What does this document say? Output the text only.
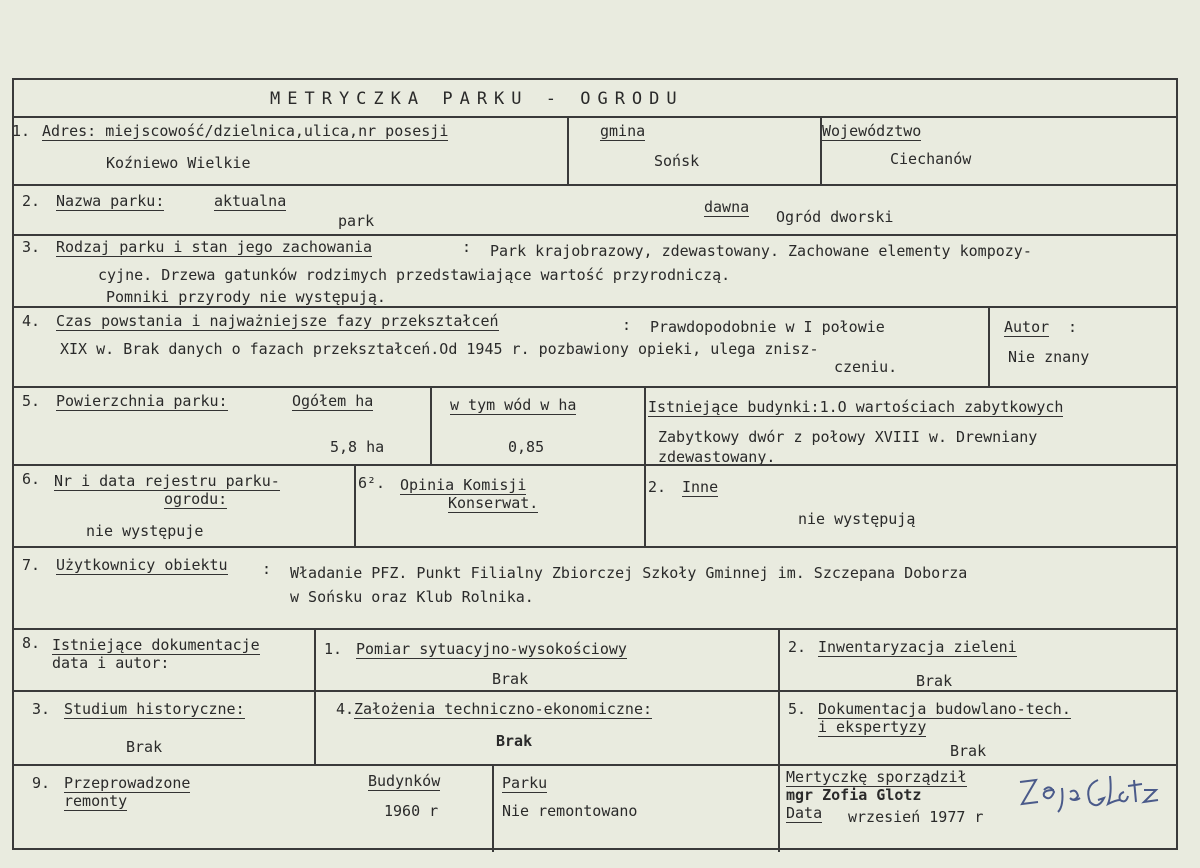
METRYCZKA PARKU - OGRODU
1. Adres: miejscowość/dzielnica,ulica,nr posesji
Koźniewo Wielkie
gmina
Sońsk
Województwo
Ciechanów
2. Nazwa parku:	aktualna
park
dawna
Ogród dworski
3. Rodzaj parku i stan jego zachowania	: Park krajobrazowy, zdewastowany. Zachowane elementy kompozy-
cyjne. Drzewa gatunków rodzimych przedstawiające wartość przyrodniczą.
Pomniki przyrody nie występują.
4. Czas powstania i najważniejsze fazy przekształceń	: Prawdopodobnie w I połowie
XIX w. Brak danych o fazach przekształceń.Od 1945 r. pozbawiony opieki, ulega znisz-
czeniu.
Autor :
Nie znany
5. Powierzchnia parku:	Ogółem ha
5,8 ha
w tym wód w ha
0,85
Istniejące budynki:1.O wartościach zabytkowych
Zabytkowy dwór z połowy XVIII w. Drewniany
zdewastowany.
6. Nr i data rejestru parku-
ogrodu:
nie występuje
6². Opinia Komisji
Konserwat.
2. Inne
nie występują
7. Użytkownicy obiektu : Władanie PFZ. Punkt Filialny Zbiorczej Szkoły Gminnej im. Szczepana Doborza
w Sońsku oraz Klub Rolnika.
8. Istniejące dokumentacje
data i autor:
1. Pomiar sytuacyjno-wysokościowy
Brak
2. Inwentaryzacja zieleni
Brak
3. Studium historyczne:
Brak
4. Założenia techniczno-ekonomiczne:
Brak
5. Dokumentacja budowlano-tech.
i ekspertyzy
Brak
9. Przeprowadzone
remonty
Budynków
1960 r
Parku
Nie remontowano
Mertyczkę sporządził
mgr Zofia Glotz
Data wrzesień 1977 r
